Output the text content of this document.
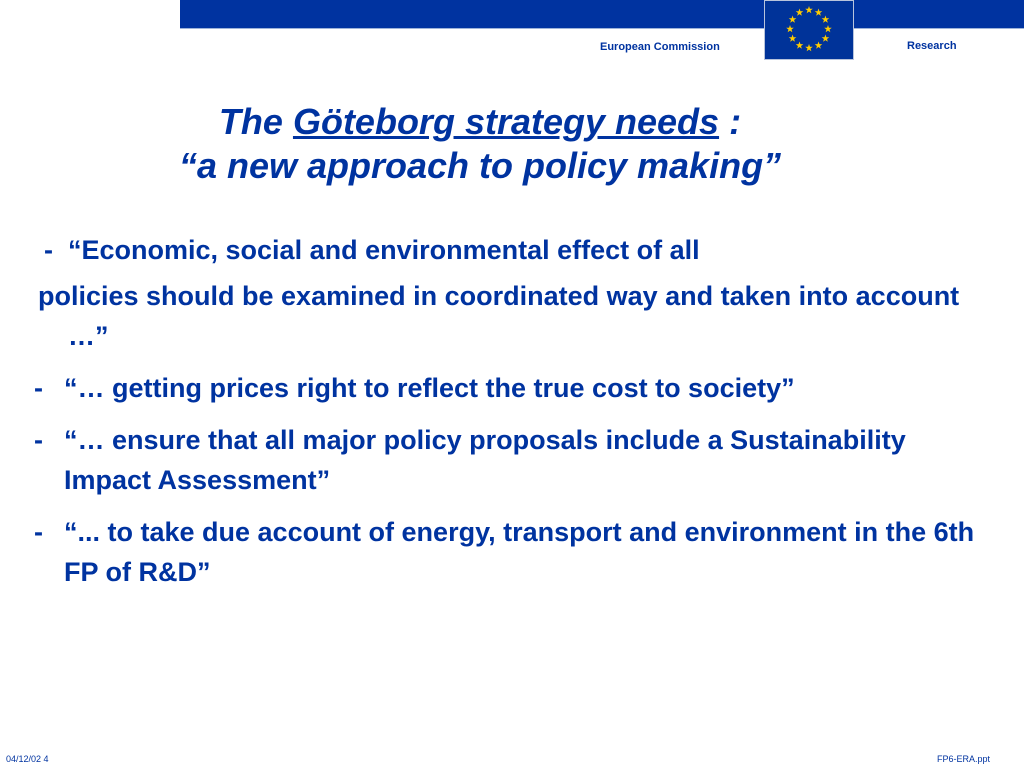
European Commission	Research
The Göteborg strategy needs :
“a new approach to policy making”
- “Economic, social and environmental effect of all
policies should be examined in coordinated way and taken into account …”
- “… getting prices right to reflect the true cost to society”
- “… ensure that all major policy proposals include a Sustainability Impact Assessment”
- “... to take due account of energy, transport and environment in the 6th FP of R&D”
04/12/02 4	FP6-ERA.ppt
